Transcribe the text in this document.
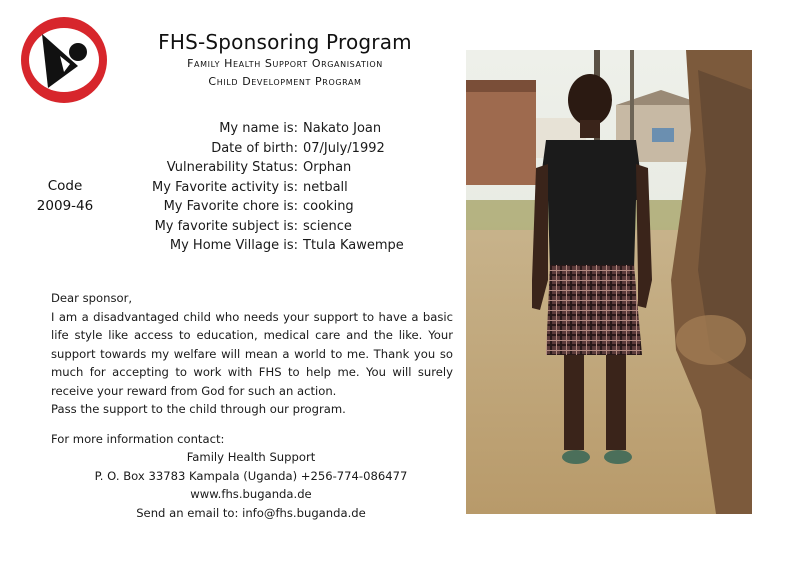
FHS-Sponsoring Program
Family Health Support Organisation
Child Development Program
Code
2009-46
My name is: Nakato Joan
Date of birth: 07/July/1992
Vulnerability Status: Orphan
My Favorite activity is: netball
My Favorite chore is: cooking
My favorite subject is: science
My Home Village is: Ttula Kawempe

Dear sponsor,

I am a disadvantaged child who needs your support to have a basic life style like access to education, medical care and the like. Your support towards my welfare will mean a world to me. Thank you so much for accepting to work with FHS to help me. You will surely receive your reward from God for such an action.

Pass the support to the child through our program.

For more information contact:
Family Health Support
P. O. Box 33783 Kampala (Uganda) +256-774-086477
www.fhs.buganda.de
Send an email to: info@fhs.buganda.de
